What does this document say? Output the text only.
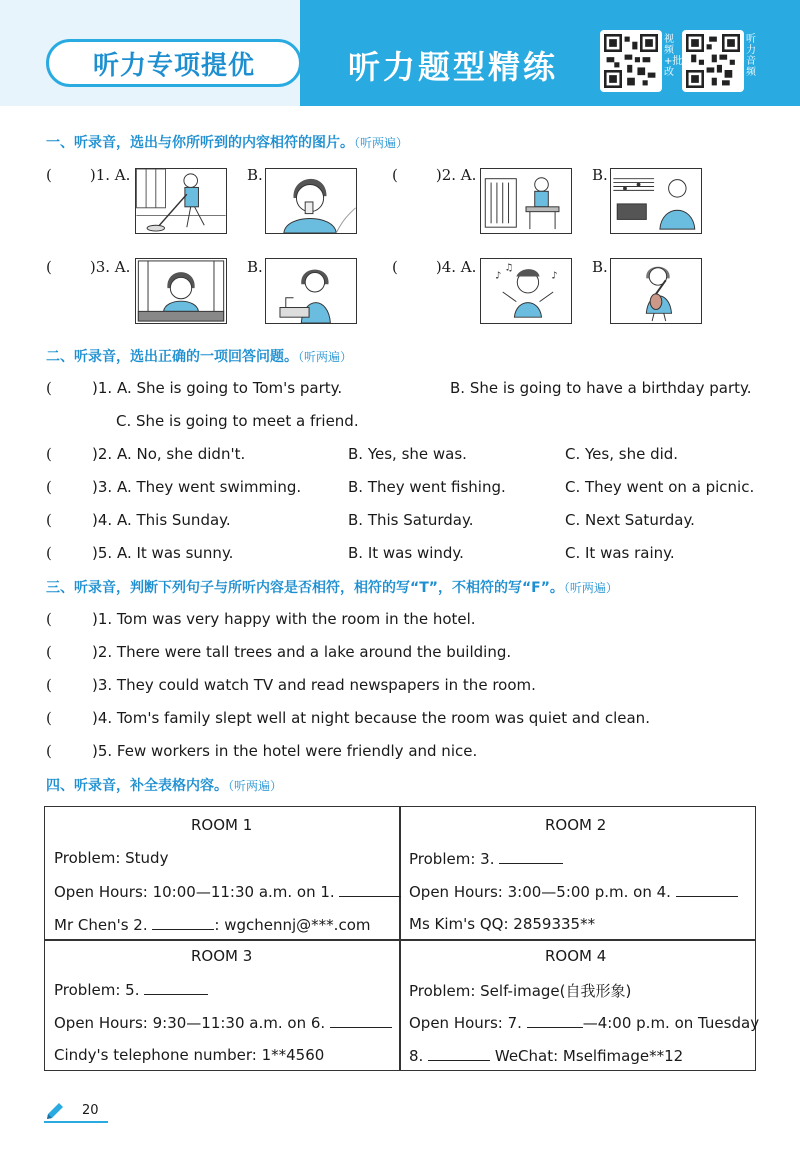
听力专项提优	听力题型精练
视频+批改
听力音频
一、听录音，选出与你所听到的内容相符的图片。（听两遍）
(	)1. A.	B.	(	)2. A.	B.
(	)3. A.	B.	(	)4. A. ♪
♫
♪ B.
二、听录音，选出正确的一项回答问题。（听两遍）
(	)1. A. She is going to Tom's party.	B. She is going to have a birthday party.
C. She is going to meet a friend.
(	)2. A. No, she didn't.	B. Yes, she was.	C. Yes, she did.
(	)3. A. They went swimming.	B. They went fishing.	C. They went on a picnic.
(	)4. A. This Sunday.	B. This Saturday.	C. Next Saturday.
(	)5. A. It was sunny.	B. It was windy.	C. It was rainy.
三、听录音，判断下列句子与所听内容是否相符，相符的写“T”，不相符的写“F”。（听两遍）
(	)1. Tom was very happy with the room in the hotel.
(	)2. There were tall trees and a lake around the building.
(	)3. They could watch TV and read newspapers in the room.
(	)4. Tom's family slept well at night because the room was quiet and clean.
(	)5. Few workers in the hotel were friendly and nice.
四、听录音，补全表格内容。（听两遍）
ROOM 1
Problem: Study
Open Hours: 10:00—11:30 a.m. on 1.
Mr Chen's 2.	: wgchennj@***.com
ROOM 2
Problem: 3.
Open Hours: 3:00—5:00 p.m. on 4.
Ms Kim's QQ: 2859335**
ROOM 3
Problem: 5.
Open Hours: 9:30—11:30 a.m. on 6.
Cindy's telephone number: 1**4560
ROOM 4
Problem: Self-image(自我形象)
Open Hours: 7.	—4:00 p.m. on Tuesday
8.	WeChat: Mselfimage**12
20
